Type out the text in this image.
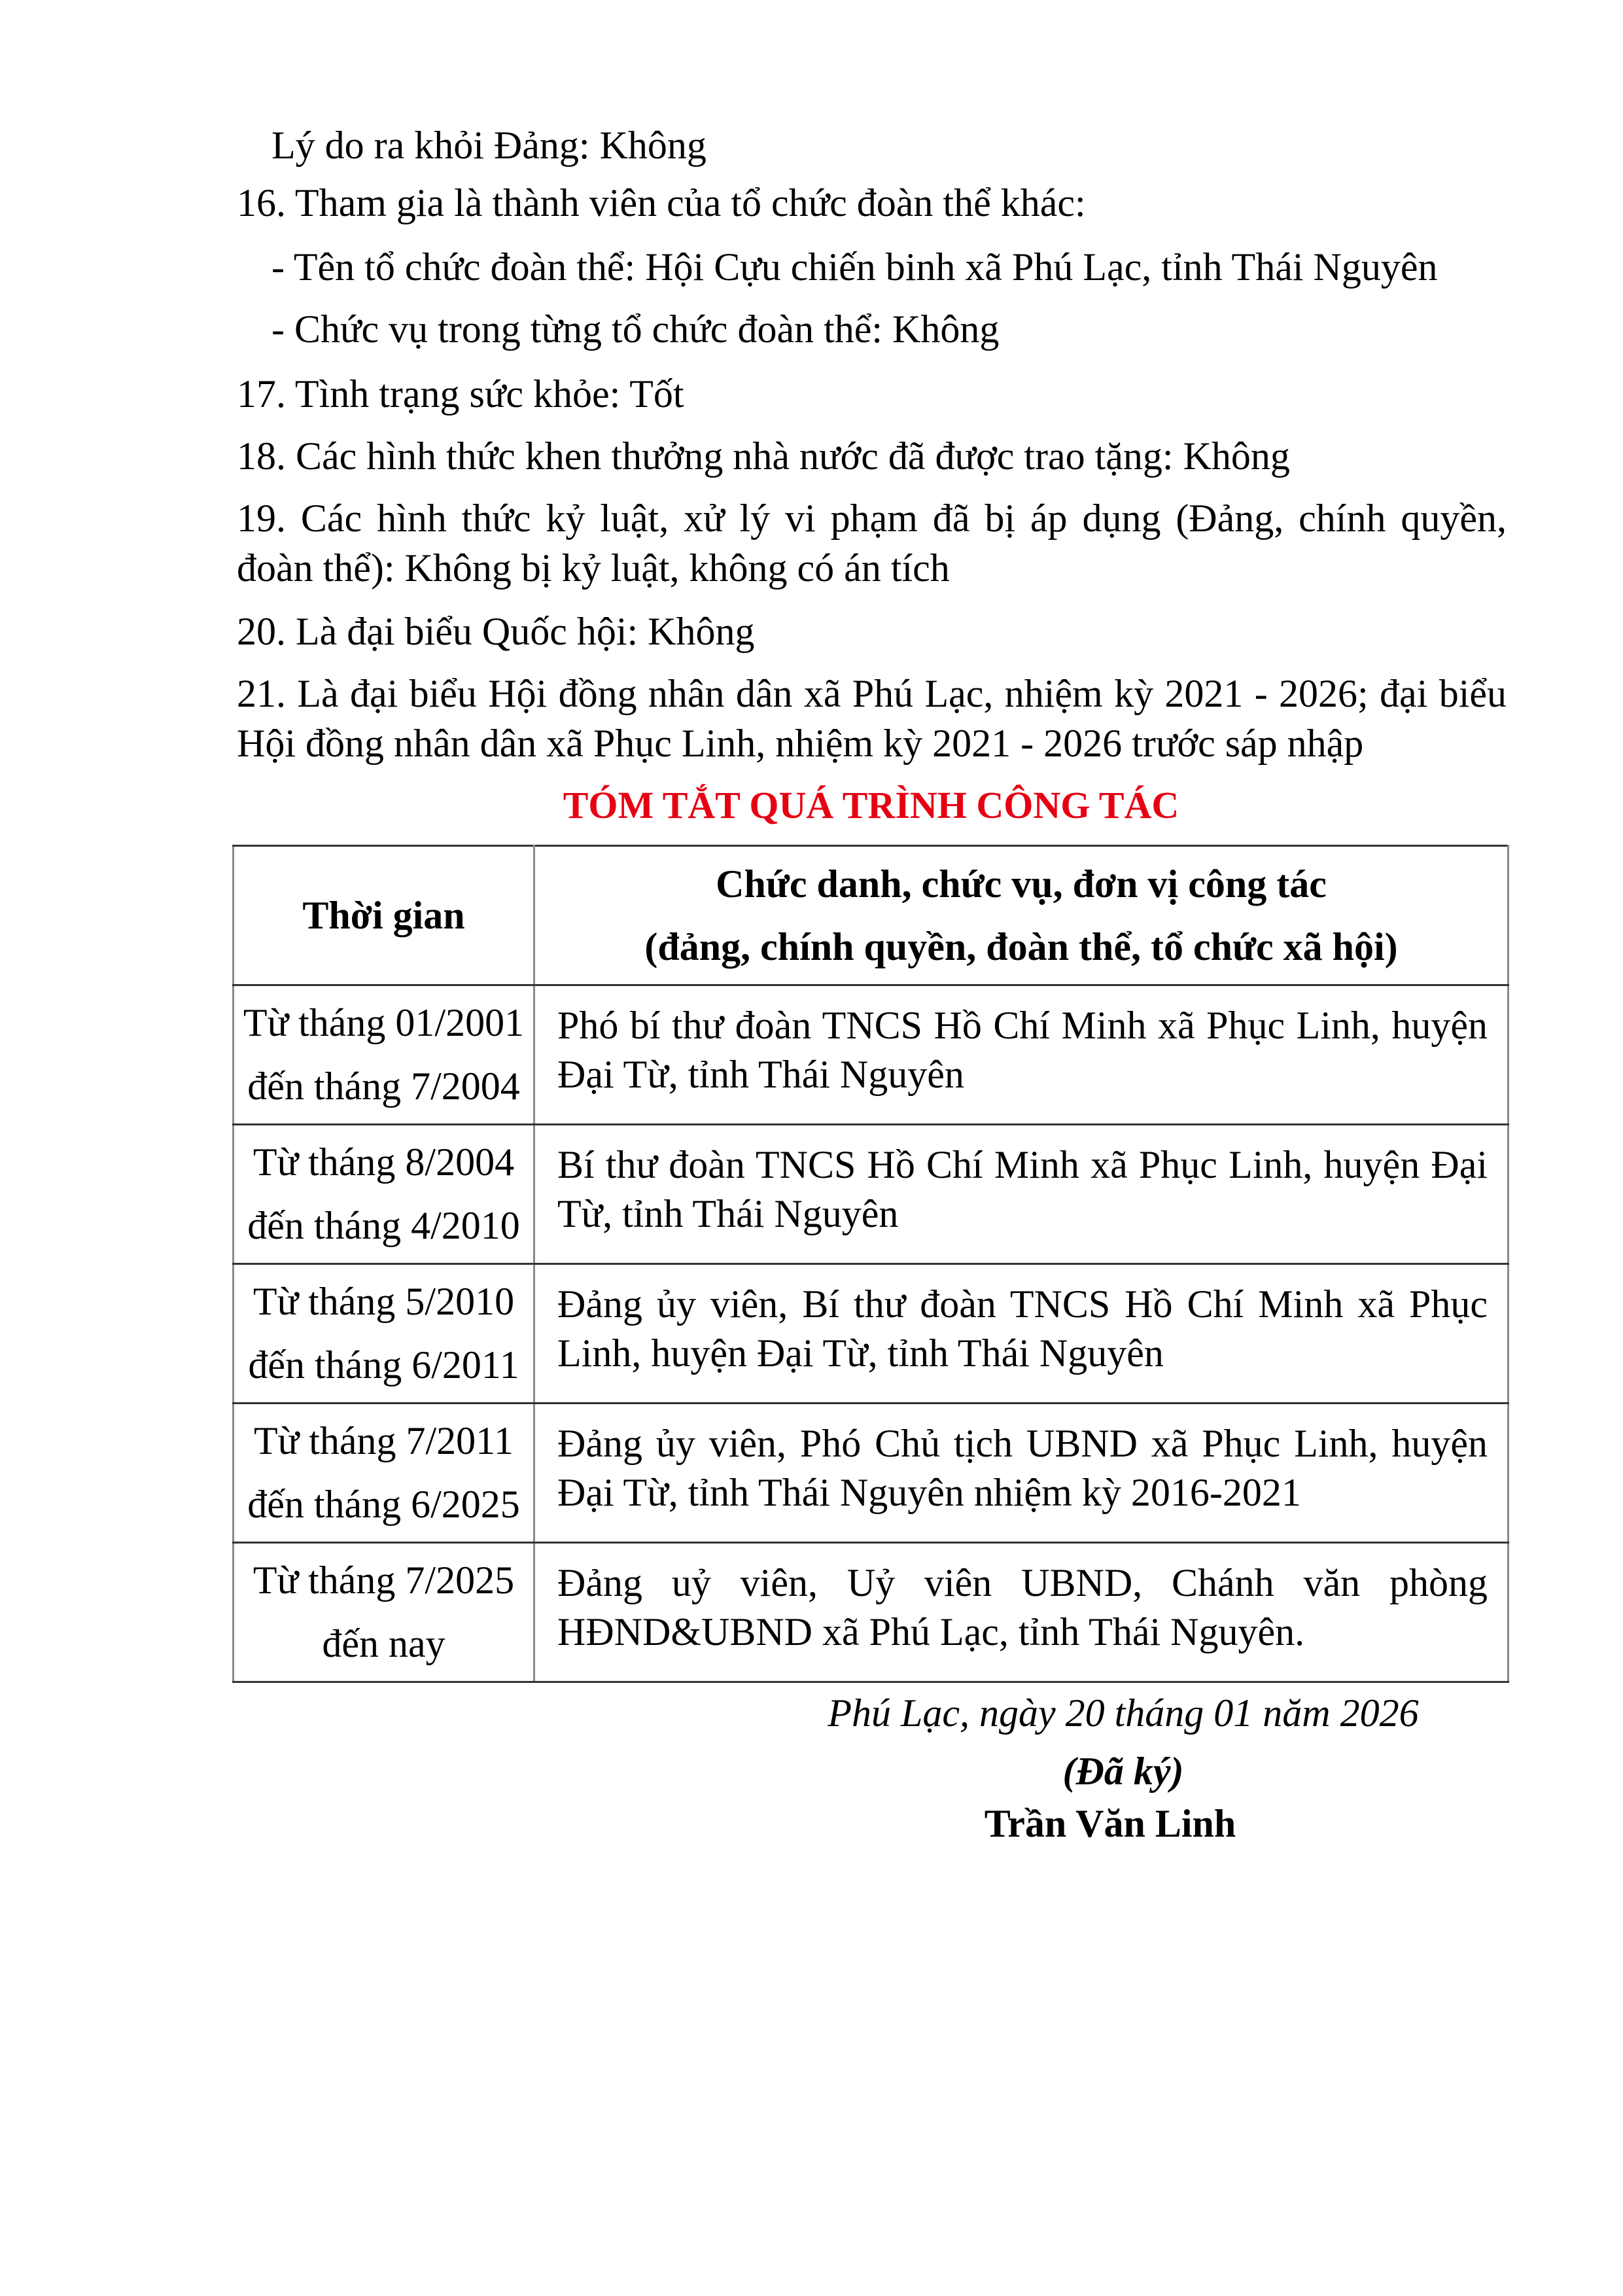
Lý do ra khỏi Đảng: Không
16. Tham gia là thành viên của tổ chức đoàn thể khác:
- Tên tổ chức đoàn thể: Hội Cựu chiến binh xã Phú Lạc, tỉnh Thái Nguyên
- Chức vụ trong từng tổ chức đoàn thể: Không
17. Tình trạng sức khỏe: Tốt
18. Các hình thức khen thưởng nhà nước đã được trao tặng: Không
19. Các hình thức kỷ luật, xử lý vi phạm đã bị áp dụng (Đảng, chính quyền, đoàn thể): Không bị kỷ luật, không có án tích
20. Là đại biểu Quốc hội: Không
21. Là đại biểu Hội đồng nhân dân xã Phú Lạc, nhiệm kỳ 2021 - 2026; đại biểu Hội đồng nhân dân xã Phục Linh, nhiệm kỳ 2021 - 2026 trước sáp nhập
TÓM TẮT QUÁ TRÌNH CÔNG TÁC
Thời gian	Chức danh, chức vụ, đơn vị công tác
(đảng, chính quyền, đoàn thể, tổ chức xã hội)

Từ tháng 01/2001
đến tháng 7/2004	Phó bí thư đoàn TNCS Hồ Chí Minh xã Phục Linh, huyện Đại Từ, tỉnh Thái Nguyên

Từ tháng 8/2004
đến tháng 4/2010	Bí thư đoàn TNCS Hồ Chí Minh xã Phục Linh, huyện Đại Từ, tỉnh Thái Nguyên

Từ tháng 5/2010
đến tháng 6/2011	Đảng ủy viên, Bí thư đoàn TNCS Hồ Chí Minh xã Phục Linh, huyện Đại Từ, tỉnh Thái Nguyên

Từ tháng 7/2011
đến tháng 6/2025	Đảng ủy viên, Phó Chủ tịch UBND xã Phục Linh, huyện Đại Từ, tỉnh Thái Nguyên nhiệm kỳ 2016-2021

Từ tháng 7/2025
đến nay	Đảng uỷ viên, Uỷ viên UBND, Chánh văn phòng HĐND&UBND xã Phú Lạc, tỉnh Thái Nguyên.
Phú Lạc, ngày 20 tháng 01 năm 2026
(Đã ký)
Trần Văn Linh
